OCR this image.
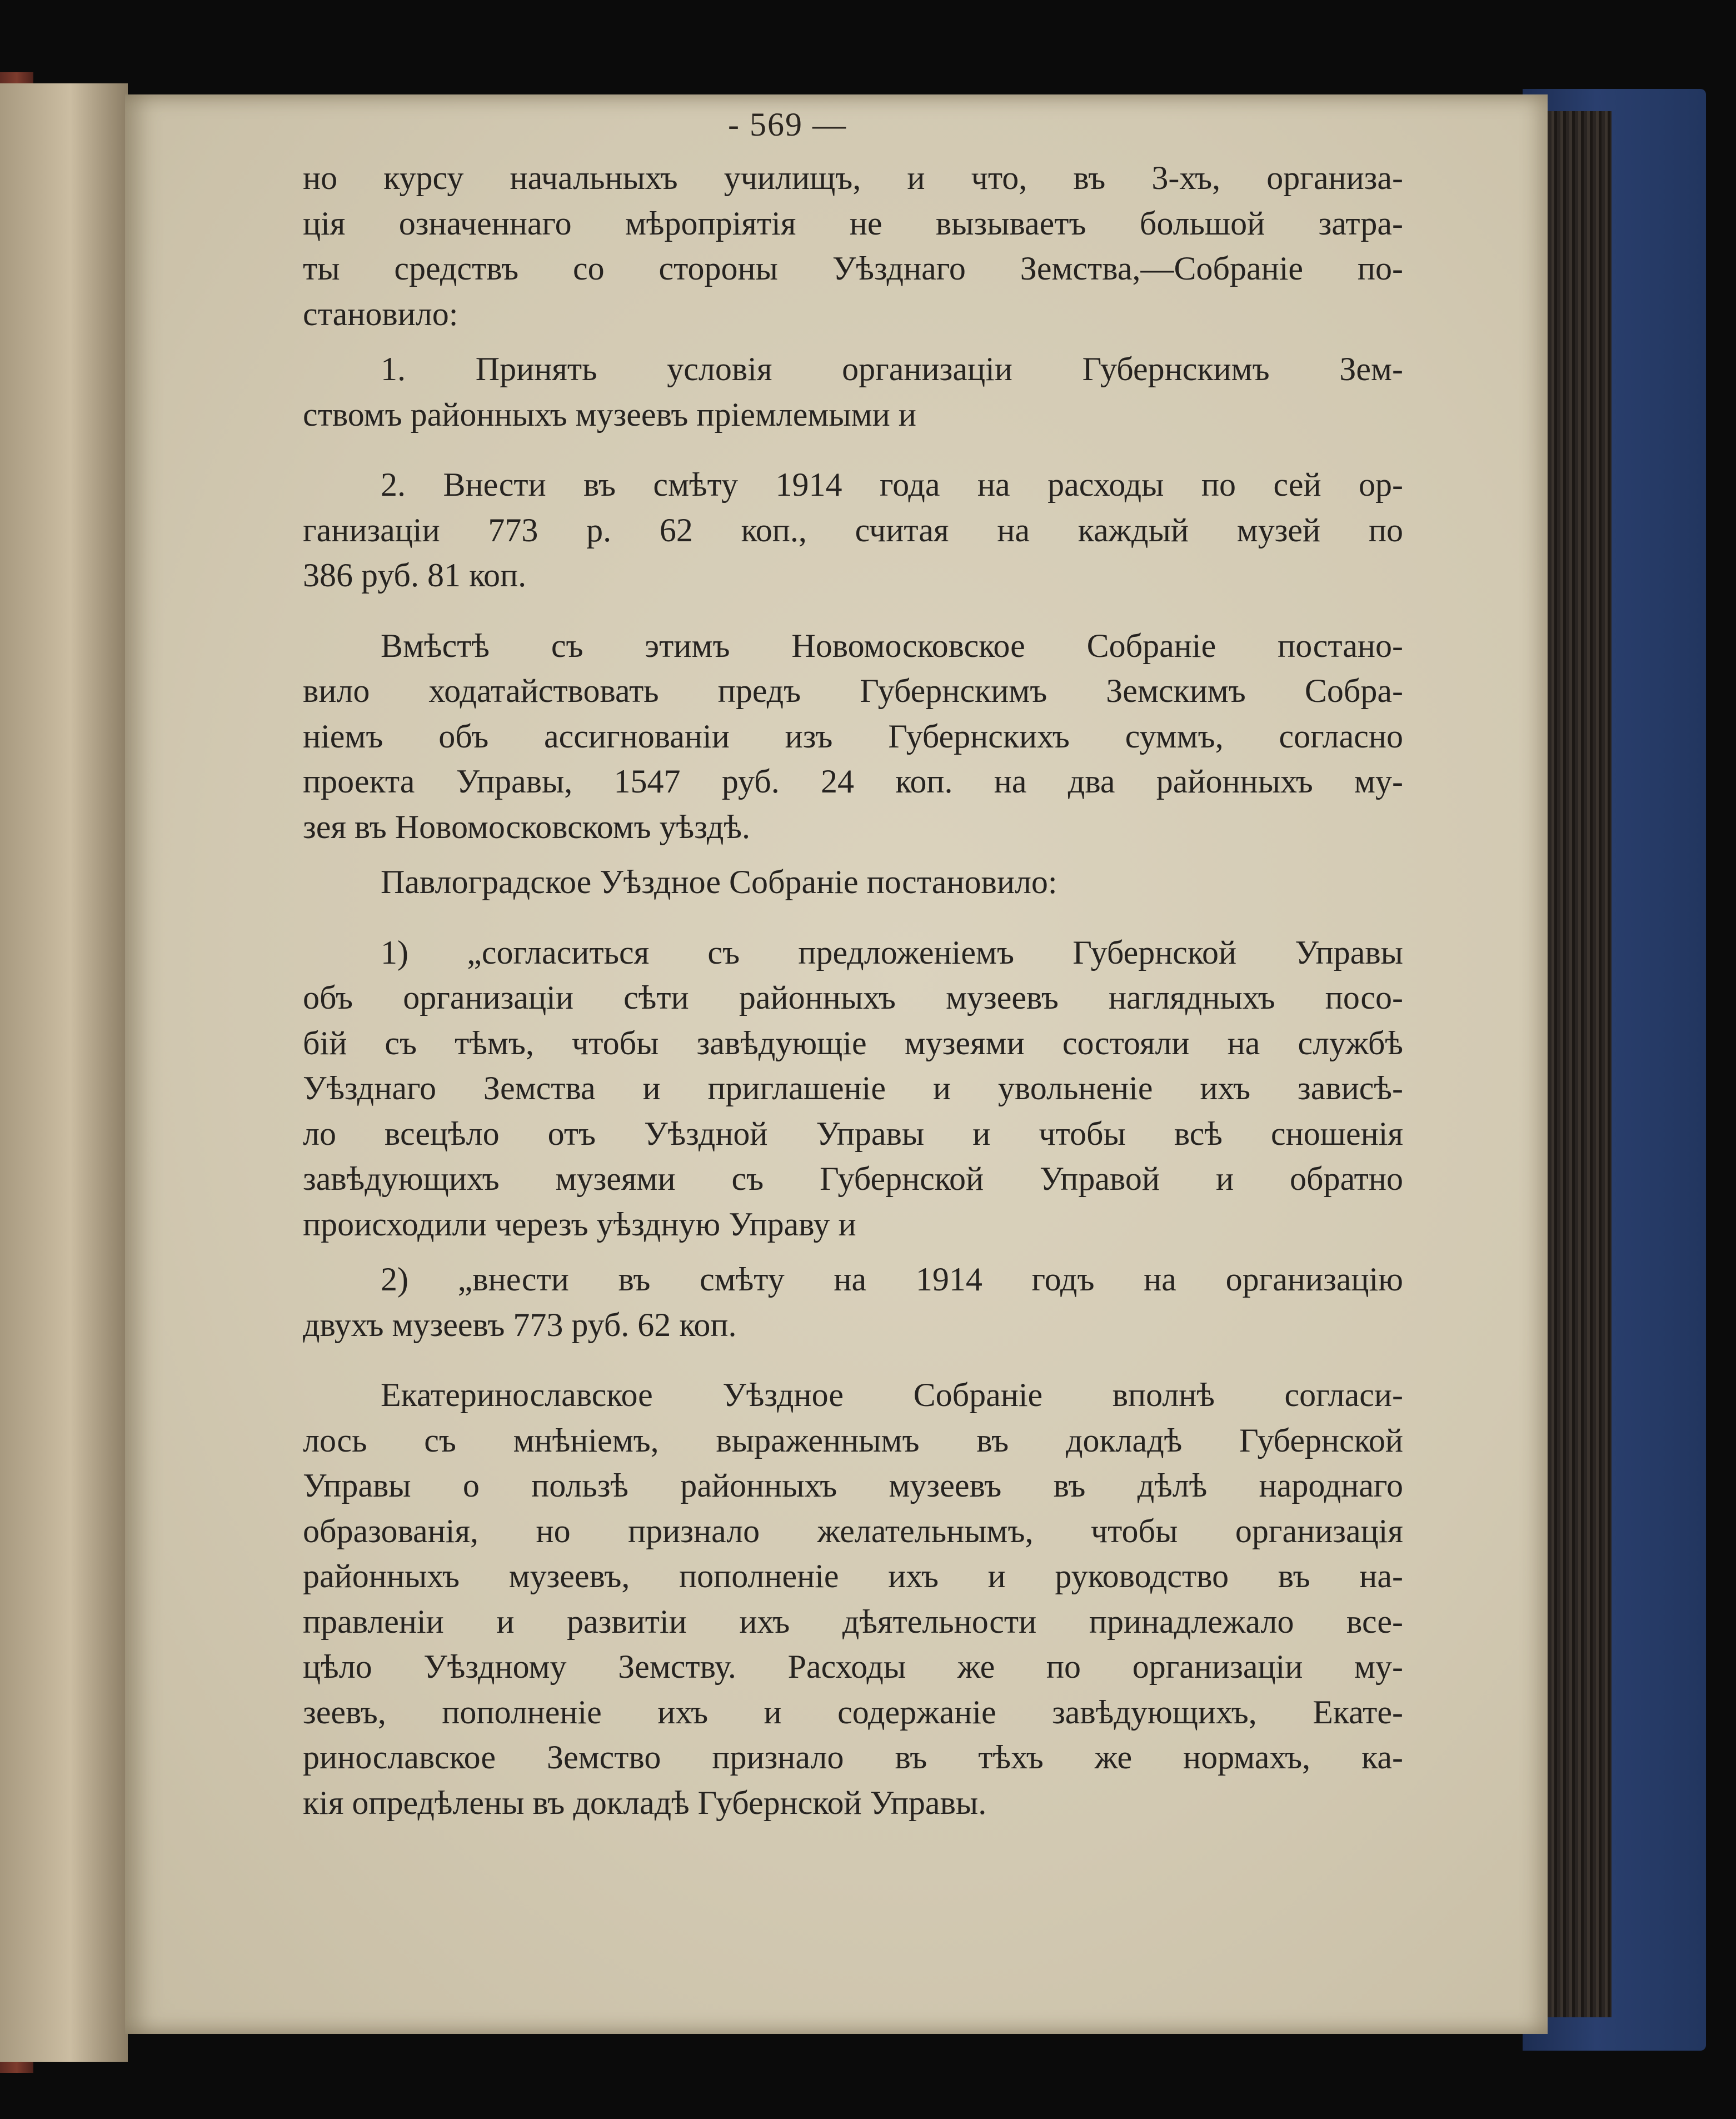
- 569 —

но курсу начальныхъ училищъ, и что, въ 3-хъ, организа-
ція означеннаго мѣропріятія не вызываетъ большой затра-
ты средствъ со стороны Уѣзднаго Земства,—Собраніе по-
становило:

1. Принять условія организаціи Губернскимъ Зем-
ствомъ районныхъ музеевъ пріемлемыми и

2. Внести въ смѣту 1914 года на расходы по сей ор-
ганизаціи 773 р. 62 коп., считая на каждый музей по
386 руб. 81 коп.

Вмѣстѣ съ этимъ Новомосковское Собраніе постано-
вило ходатайствовать предъ Губернскимъ Земскимъ Собра-
ніемъ объ ассигнованіи изъ Губернскихъ суммъ, согласно
проекта Управы, 1547 руб. 24 коп. на два районныхъ му-
зея въ Новомосковскомъ уѣздѣ.

Павлоградское Уѣздное Собраніе постановило:

1) „согласиться съ предложеніемъ Губернской Управы
объ организаціи сѣти районныхъ музеевъ наглядныхъ посо-
бій съ тѣмъ, чтобы завѣдующіе музеями состояли на службѣ
Уѣзднаго Земства и приглашеніе и увольненіе ихъ зависѣ-
ло всецѣло отъ Уѣздной Управы и чтобы всѣ сношенія
завѣдующихъ музеями съ Губернской Управой и обратно
происходили черезъ уѣздную Управу и

2) „внести въ смѣту на 1914 годъ на организацію
двухъ музеевъ 773 руб. 62 коп.

Екатеринославское Уѣздное Собраніе вполнѣ согласи-
лось съ мнѣніемъ, выраженнымъ въ докладѣ Губернской
Управы о пользѣ районныхъ музеевъ въ дѣлѣ народнаго
образованія, но признало желательнымъ, чтобы организація
районныхъ музеевъ, пополненіе ихъ и руководство въ на-
правленіи и развитіи ихъ дѣятельности принадлежало все-
цѣло Уѣздному Земству. Расходы же по организаціи му-
зеевъ, пополненіе ихъ и содержаніе завѣдующихъ, Екате-
ринославское Земство признало въ тѣхъ же нормахъ, ка-
кія опредѣлены въ докладѣ Губернской Управы.
